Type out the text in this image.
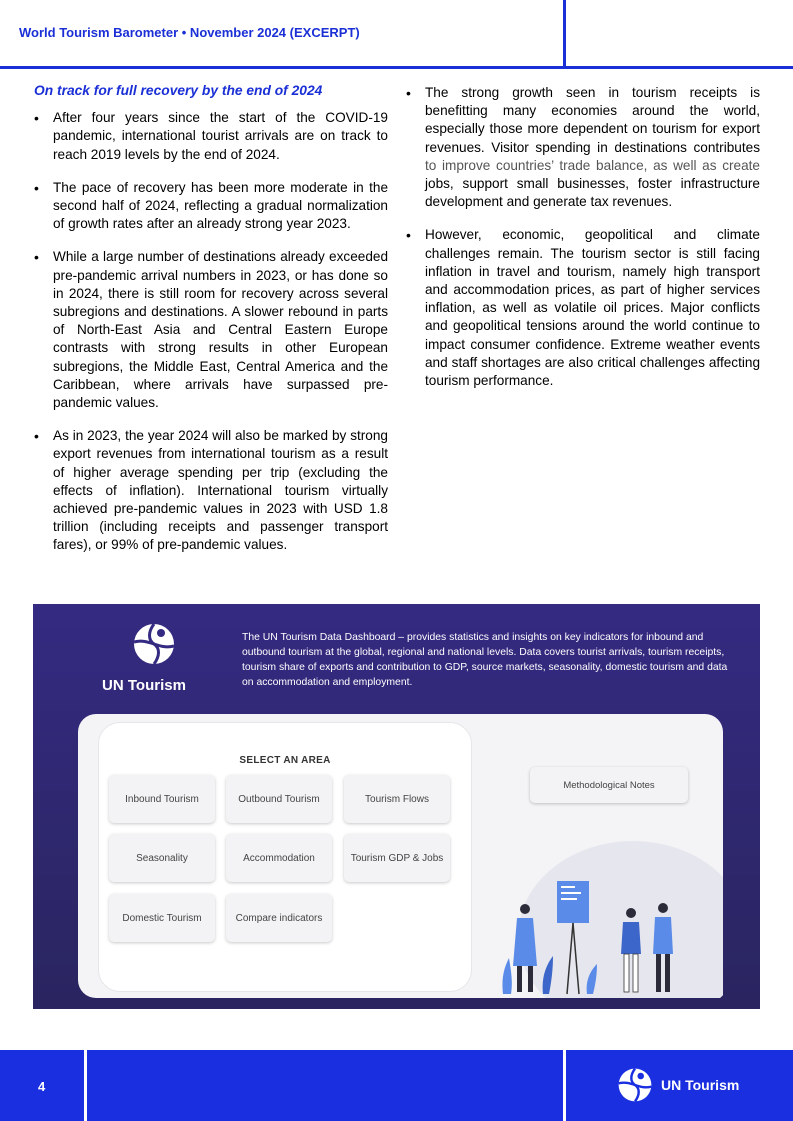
World Tourism Barometer • November 2024 (EXCERPT)
On track for full recovery by the end of 2024
• After four years since the start of the COVID-19 pandemic, international tourist arrivals are on track to reach 2019 levels by the end of 2024.
• The pace of recovery has been more moderate in the second half of 2024, reflecting a gradual normalization of growth rates after an already strong year 2023.
• While a large number of destinations already exceeded pre-pandemic arrival numbers in 2023, or has done so in 2024, there is still room for recovery across several subregions and destinations. A slower rebound in parts of North-East Asia and Central Eastern Europe contrasts with strong results in other European subregions, the Middle East, Central America and the Caribbean, where arrivals have surpassed pre-pandemic values.
• As in 2023, the year 2024 will also be marked by strong export revenues from international tourism as a result of higher average spending per trip (excluding the effects of inflation). International tourism virtually achieved pre-pandemic values in 2023 with USD 1.8 trillion (including receipts and passenger transport fares), or 99% of pre-pandemic values.
• The strong growth seen in tourism receipts is benefitting many economies around the world, especially those more dependent on tourism for export revenues. Visitor spending in destinations contributes to improve countries’ trade balance, as well as create jobs, support small businesses, foster infrastructure development and generate tax revenues.
• However, economic, geopolitical and climate challenges remain. The tourism sector is still facing inflation in travel and tourism, namely high transport and accommodation prices, as part of higher services inflation, as well as volatile oil prices. Major conflicts and geopolitical tensions around the world continue to impact consumer confidence. Extreme weather events and staff shortages are also critical challenges affecting tourism performance.
UN Tourism
The UN Tourism Data Dashboard – provides statistics and insights on key indicators for inbound and outbound tourism at the global, regional and national levels. Data covers tourist arrivals, tourism receipts, tourism share of exports and contribution to GDP, source markets, seasonality, domestic tourism and data on accommodation and employment.
SELECT AN AREA
Inbound Tourism	Outbound Tourism	Tourism Flows
Seasonality	Accommodation	Tourism GDP & Jobs
Domestic Tourism	Compare indicators
Methodological Notes
4	UN Tourism
